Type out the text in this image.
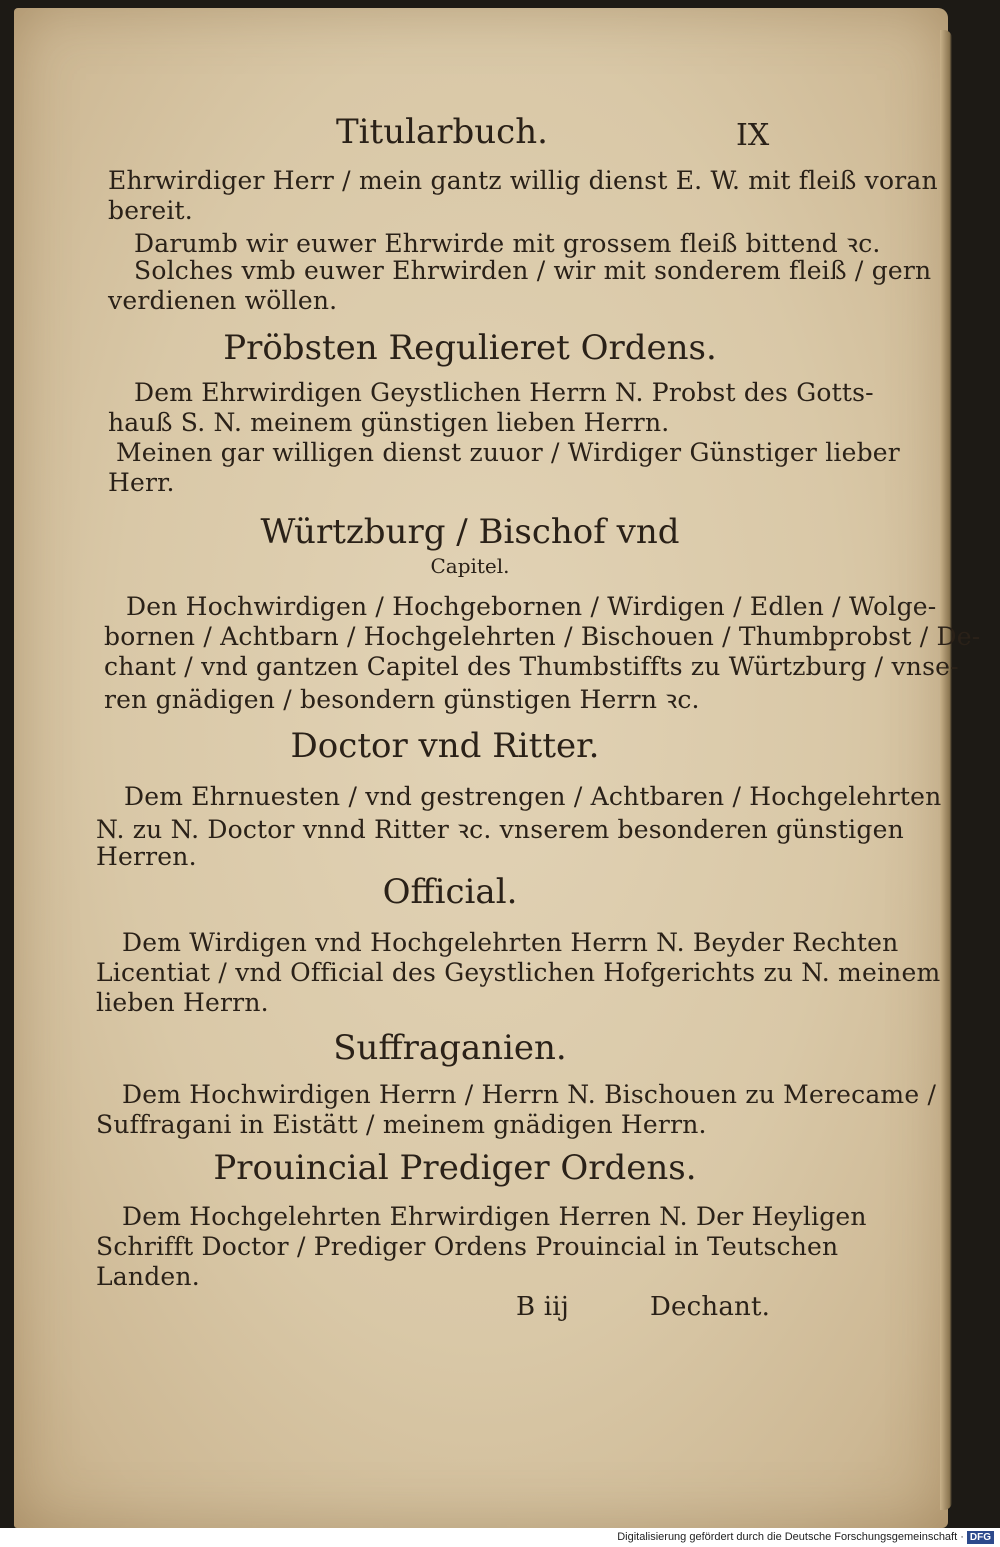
Titularbuch.	IX
Ehrwirdiger Herr / mein gantz willig dienst E. W. mit fleiß voran
bereit.
Darumb wir euwer Ehrwirde mit grossem fleiß bittend ꝛc.
Solches vmb euwer Ehrwirden / wir mit sonderem fleiß / gern
verdienen wöllen.
Pröbsten Regulieret Ordens.
Dem Ehrwirdigen Geystlichen Herrn N. Probst des Gotts-
hauß S. N. meinem günstigen lieben Herrn.
Meinen gar willigen dienst zuuor / Wirdiger Günstiger lieber
Herr.
Würtzburg / Bischof vnd
Capitel.
Den Hochwirdigen / Hochgebornen / Wirdigen / Edlen / Wolge-
bornen / Achtbarn / Hochgelehrten / Bischouen / Thumbprobst / De-
chant / vnd gantzen Capitel des Thumbstiffts zu Würtzburg / vnse-
ren gnädigen / besondern günstigen Herrn ꝛc.
Doctor vnd Ritter.
Dem Ehrnuesten / vnd gestrengen / Achtbaren / Hochgelehrten
N. zu N. Doctor vnnd Ritter ꝛc. vnserem besonderen günstigen
Herren.
Official.
Dem Wirdigen vnd Hochgelehrten Herrn N. Beyder Rechten
Licentiat / vnd Official des Geystlichen Hofgerichts zu N. meinem
lieben Herrn.
Suffraganien.
Dem Hochwirdigen Herrn / Herrn N. Bischouen zu Merecame /
Suffragani in Eistätt / meinem gnädigen Herrn.
Prouincial Prediger Ordens.
Dem Hochgelehrten Ehrwirdigen Herren N. Der Heyligen
Schrifft Doctor / Prediger Ordens Prouincial in Teutschen
Landen.
B iij	Dechant.
Digitalisierung gefördert durch die Deutsche Forschungsgemeinschaft · DFG
